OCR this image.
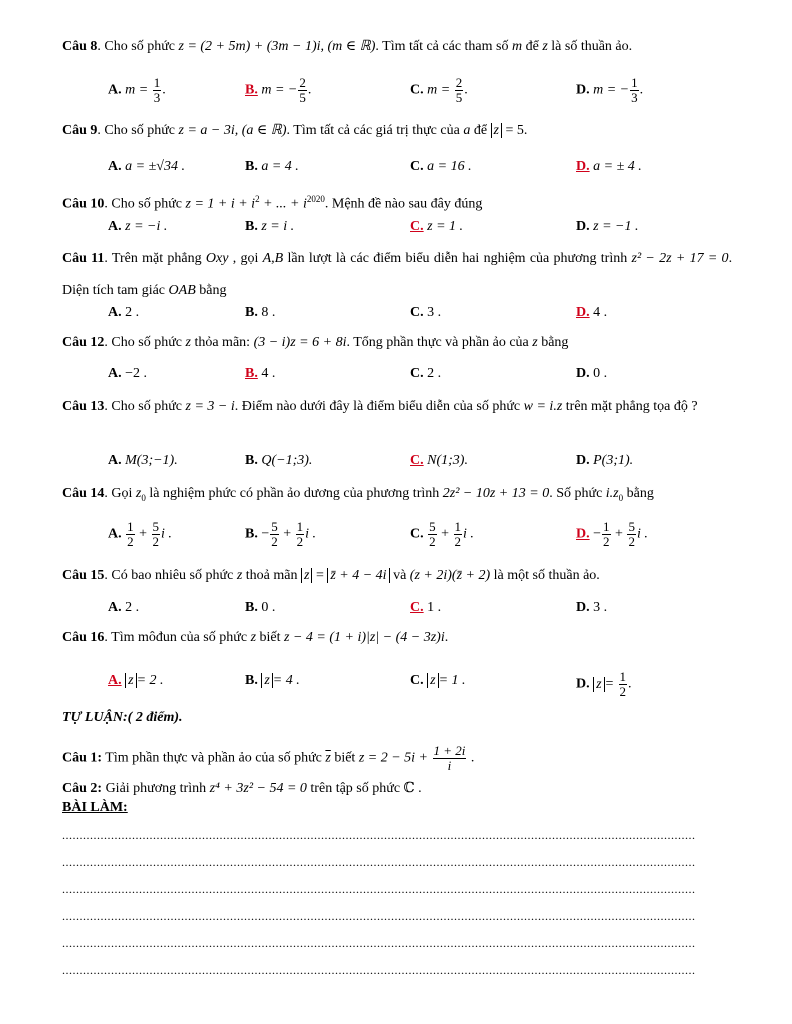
Câu 8. Cho số phức z = (2 + 5m) + (3m − 1)i, (m ∈ ℝ). Tìm tất cả các tham số m để z là số thuần ảo.
A. $m = \frac{1}{3}$ .	B. m = − $\frac{2}{5}$ .	C. $m = \frac{2}{5}$ .	D. m = − $\frac{1}{3}$ .
Câu 9. Cho số phức z = a − 3i, (a ∈ ℝ). Tìm tất cả các giá trị thực của a để z = 5.
A. a = ±√34 .	B. a = 4 .	C. a = 16 .	D. a = ± 4 .
Câu 10. Cho số phức $z = 1 + i + i^2$ + ... + $i^{2020}$. Mệnh đề nào sau đây đúng
A. z = −i .	B. z = i .	C. z = 1 .	D. z = −1 .
Câu 11. Trên mặt phẳng Oxy , gọi A,B lần lượt là các điểm biểu diễn hai nghiệm của phương trình z² − 2z + 17 = 0. Diện tích tam giác OAB bằng
A. 2 .	B. 8 .	C. 3 .	D. 4 .
Câu 12. Cho số phức z thỏa mãn: (3 − i)z = 6 + 8i. Tổng phần thực và phần ảo của z bằng
A. −2 .	B. 4 .	C. 2 .	D. 0 .
Câu 13. Cho số phức z = 3 − i. Điểm nào dưới đây là điểm biểu diễn của số phức w = i.z trên mặt phẳng tọa độ ?
A. M(3;−1).	B. Q(−1;3).	C. N(1;3).	D. P(3;1).
Câu 14. Gọi $z_0$ là nghiệm phức có phần ảo dương của phương trình 2z² − 10z + 13 = 0. Số phức $i.z_0$ bằng
A. $\frac{1}{2} + \frac{5}{2}$ i .	B. − $\frac{5}{2} + \frac{1}{2}$ i .	C. $\frac{5}{2} + \frac{1}{2}$ i .	D. − $\frac{1}{2} + \frac{5}{2}$ i .
Câu 15. Có bao nhiêu số phức z thoả mãn z = z̄ + 4 − 4i và (z + 2i)(z̄ + 2) là một số thuần ảo.
A. 2 .	B. 0 .	C. 1 .	D. 3 .
Câu 16. Tìm môđun của số phức z biết z − 4 = (1 + i)|z| − (4 − 3z)i.
A. z = 2 .	B. z = 4 .	C. z = 1 .	D. $z = \frac{1}{2}$ .
TỰ LUẬN:( 2 điểm).
Câu 1: Tìm phần thực và phần ảo của số phức $\overline{z}$ biết $z = 2 - 5i + \frac{1 + 2i}{i}$ .
Câu 2: Giải phương trình z⁴ + 3z² − 54 = 0 trên tập số phức ℂ .
BÀI LÀM:
.....................................................................................................................................................................................
.....................................................................................................................................................................................
.....................................................................................................................................................................................
.....................................................................................................................................................................................
.....................................................................................................................................................................................
.....................................................................................................................................................................................
